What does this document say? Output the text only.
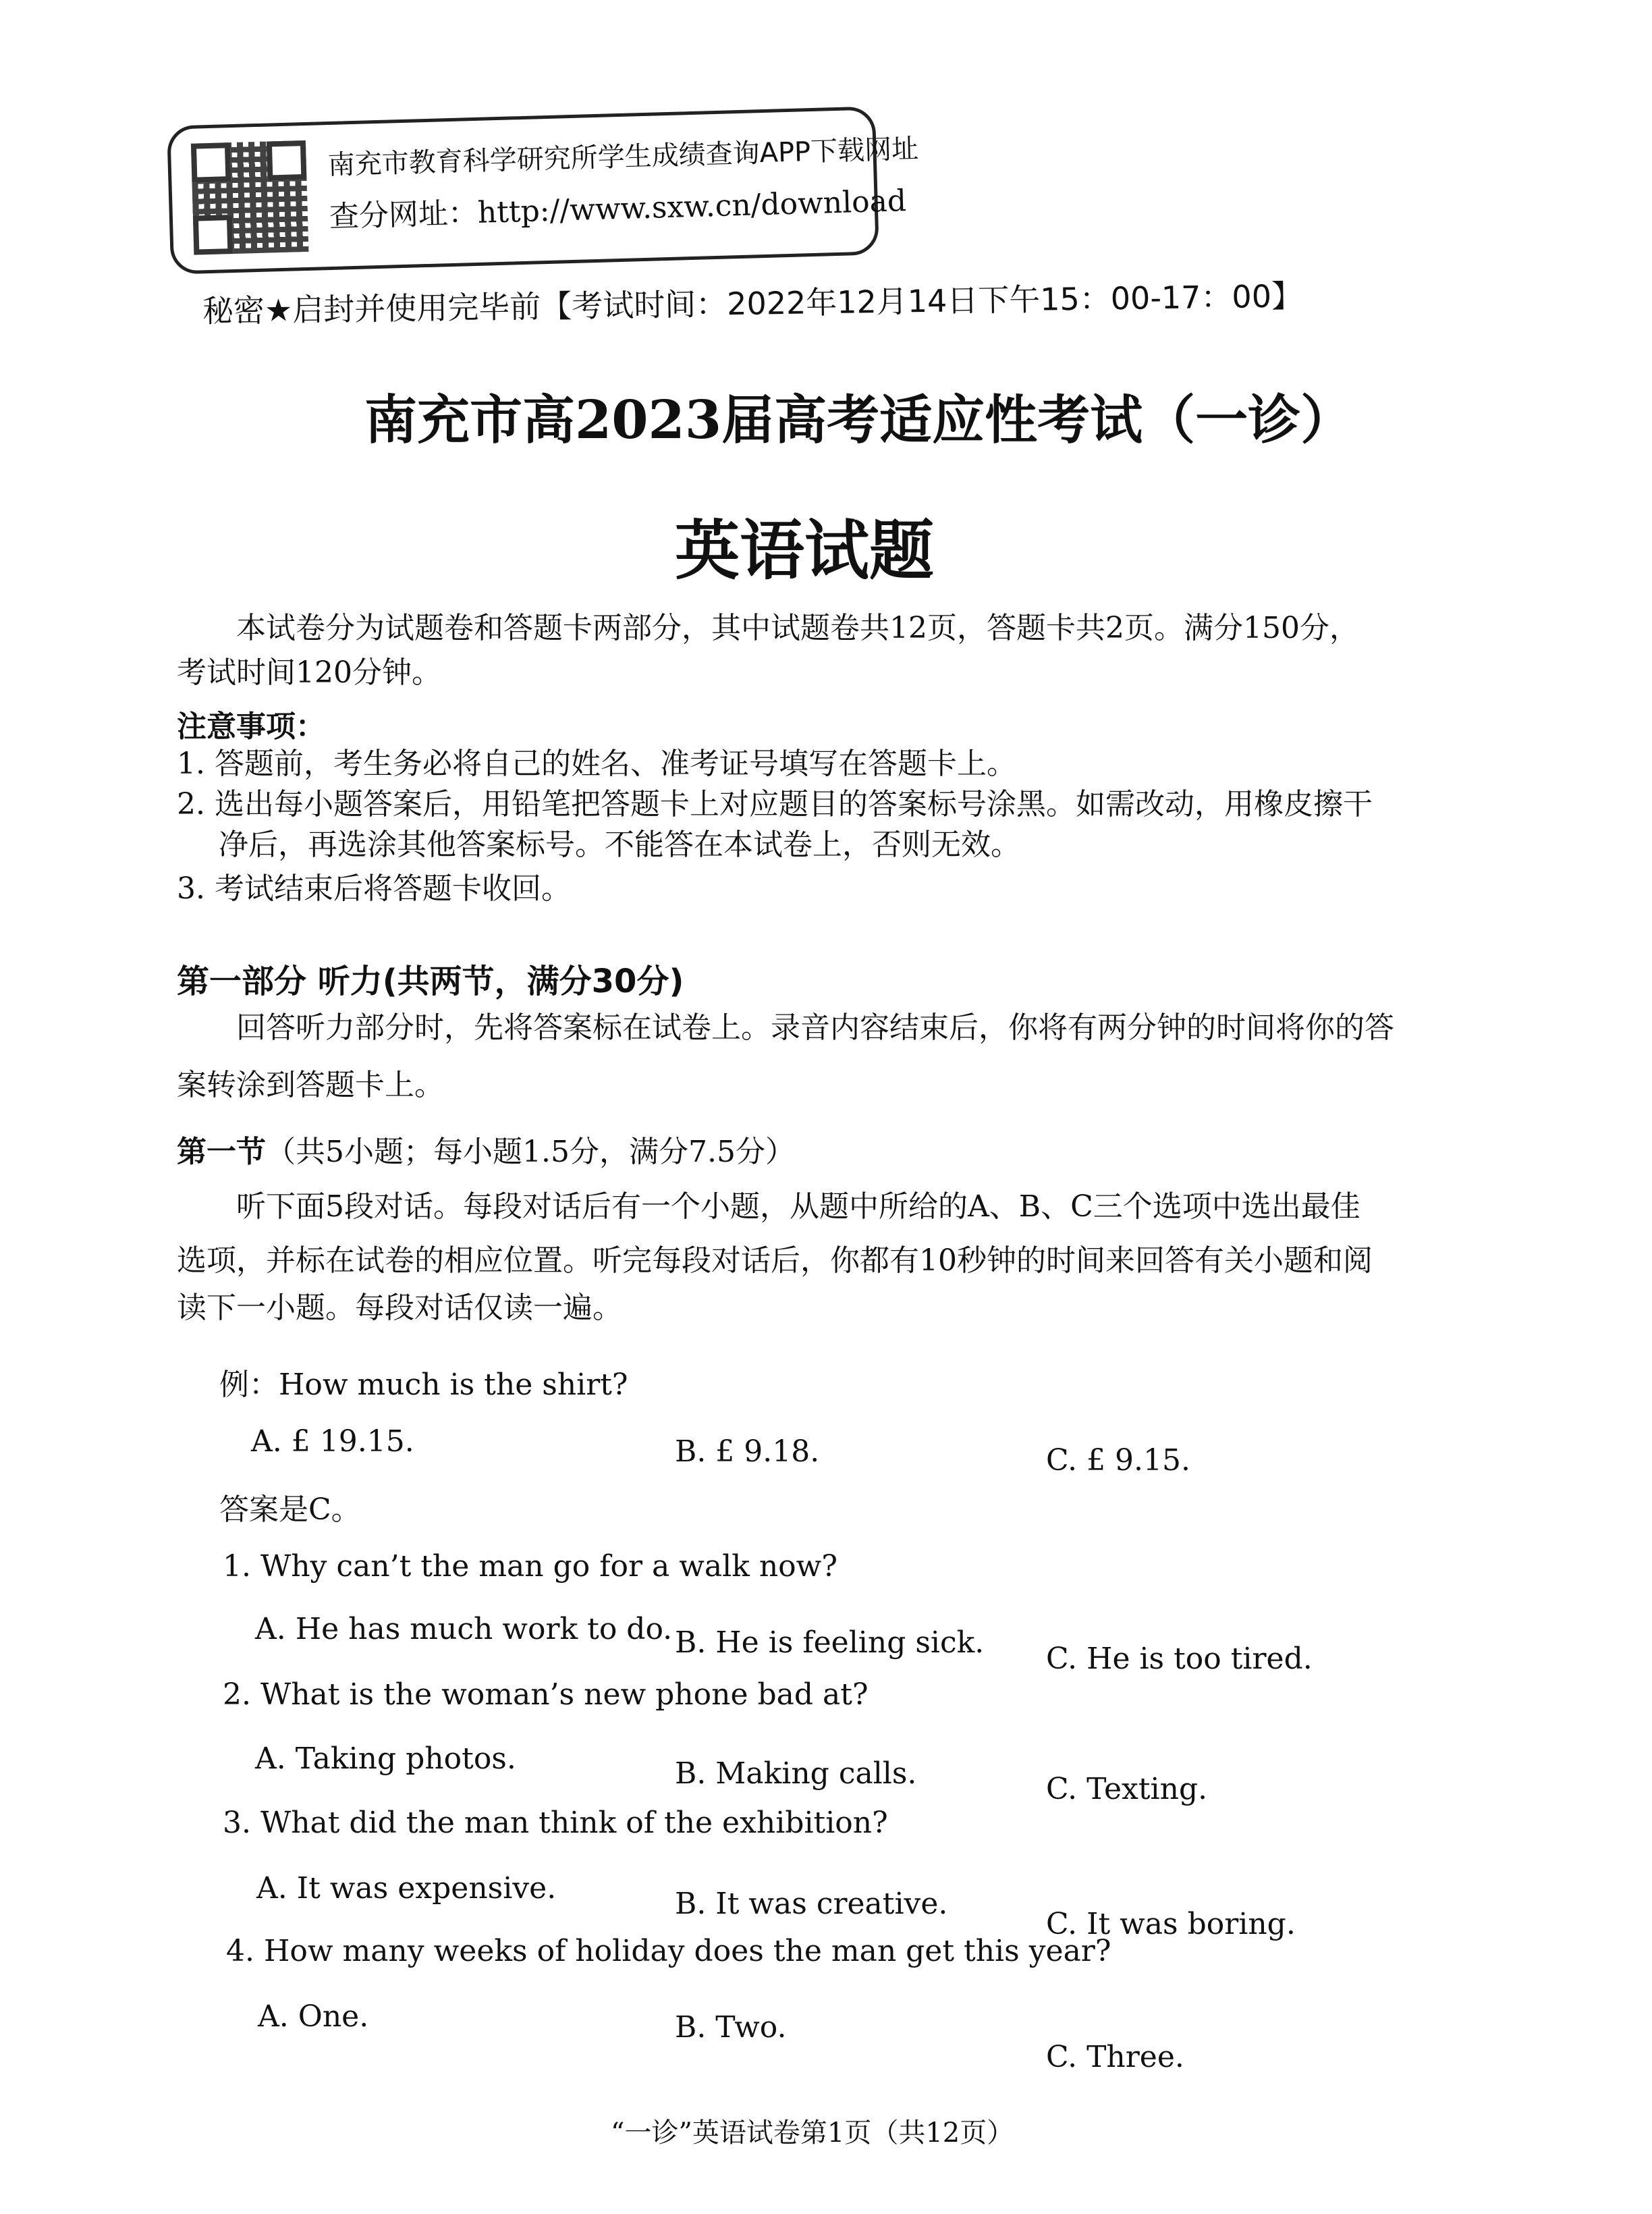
南充市教育科学研究所学生成绩查询APP下载网址
查分网址：http://www.sxw.cn/download
秘密★启封并使用完毕前【考试时间：2022年12月14日下午15：00-17：00】
南充市高2023届高考适应性考试（一诊）
英语试题
本试卷分为试题卷和答题卡两部分，其中试题卷共12页，答题卡共2页。满分150分，
考试时间120分钟。
注意事项：
1. 答题前，考生务必将自己的姓名、准考证号填写在答题卡上。
2. 选出每小题答案后，用铅笔把答题卡上对应题目的答案标号涂黑。如需改动，用橡皮擦干
净后，再选涂其他答案标号。不能答在本试卷上，否则无效。
3. 考试结束后将答题卡收回。
第一部分 听力(共两节，满分30分)
回答听力部分时，先将答案标在试卷上。录音内容结束后，你将有两分钟的时间将你的答
案转涂到答题卡上。
第一节（共5小题；每小题1.5分，满分7.5分）
听下面5段对话。每段对话后有一个小题，从题中所给的A、B、C三个选项中选出最佳
选项，并标在试卷的相应位置。听完每段对话后，你都有10秒钟的时间来回答有关小题和阅
读下一小题。每段对话仅读一遍。
例：How much is the shirt?
A. £ 19.15.	B. £ 9.18.	C. £ 9.15.
答案是C。
1. Why can’t the man go for a walk now?
A. He has much work to do. B. He is feeling sick. C. He is too tired.
2. What is the woman’s new phone bad at?
A. Taking photos.	B. Making calls.	C. Texting.
3. What did the man think of the exhibition?
A. It was expensive.	B. It was creative.
C. It was boring.
4. How many weeks of holiday does the man get this year?
A. One.	B. Two.
C. Three.
“一诊”英语试卷第1页（共12页）
